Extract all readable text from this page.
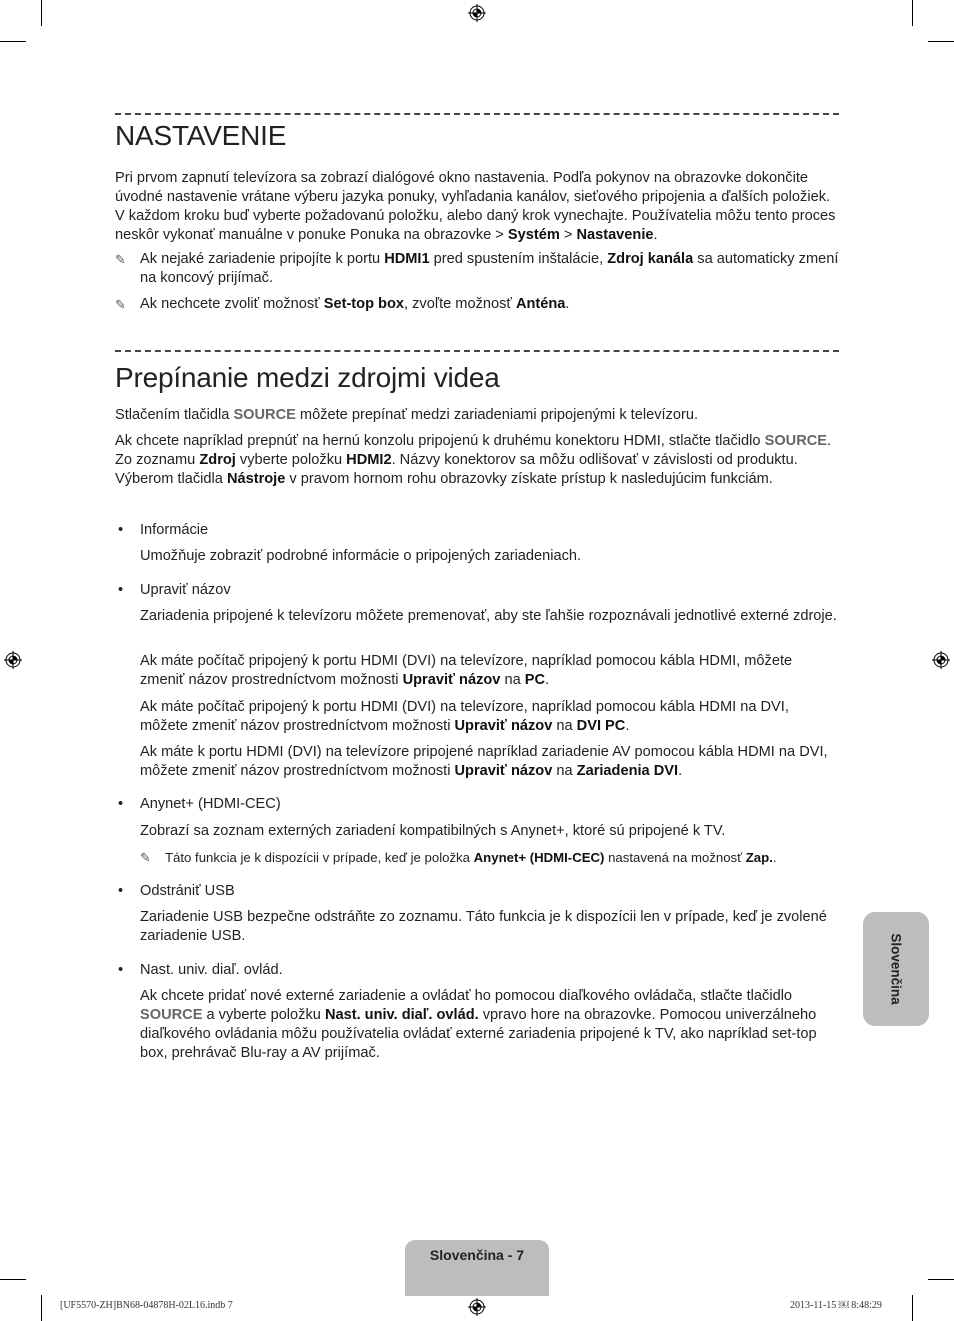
NASTAVENIE

Pri prvom zapnutí televízora sa zobrazí dialógové okno nastavenia. Podľa pokynov na obrazovke dokončite úvodné nastavenie vrátane výberu jazyka ponuky, vyhľadania kanálov, sieťového pripojenia a ďalších položiek. V každom kroku buď vyberte požadovanú položku, alebo daný krok vynechajte. Používatelia môžu tento proces neskôr vykonať manuálne v ponuke Ponuka na obrazovke > Systém > Nastavenie.

✎ Ak nejaké zariadenie pripojíte k portu HDMI1 pred spustením inštalácie, Zdroj kanála sa automaticky zmení na koncový prijímač.
✎ Ak nechcete zvoliť možnosť Set-top box, zvoľte možnosť Anténa.
Prepínanie medzi zdrojmi videa

Stlačením tlačidla SOURCE môžete prepínať medzi zariadeniami pripojenými k televízoru.

Ak chcete napríklad prepnúť na hernú konzolu pripojenú k druhému konektoru HDMI, stlačte tlačidlo SOURCE. Zo zoznamu Zdroj vyberte položku HDMI2. Názvy konektorov sa môžu odlišovať v závislosti od produktu. Výberom tlačidla Nástroje v pravom hornom rohu obrazovky získate prístup k nasledujúcim funkciám.

• Informácie

Umožňuje zobraziť podrobné informácie o pripojených zariadeniach.

• Upraviť názov

Zariadenia pripojené k televízoru môžete premenovať, aby ste ľahšie rozpoznávali jednotlivé externé zdroje.

Ak máte počítač pripojený k portu HDMI (DVI) na televízore, napríklad pomocou kábla HDMI, môžete zmeniť názov prostredníctvom možnosti Upraviť názov na PC.

Ak máte počítač pripojený k portu HDMI (DVI) na televízore, napríklad pomocou kábla HDMI na DVI, môžete zmeniť názov prostredníctvom možnosti Upraviť názov na DVI PC.

Ak máte k portu HDMI (DVI) na televízore pripojené napríklad zariadenie AV pomocou kábla HDMI na DVI, môžete zmeniť názov prostredníctvom možnosti Upraviť názov na Zariadenia DVI.

• Anynet+ (HDMI-CEC)

Zobrazí sa zoznam externých zariadení kompatibilných s Anynet+, ktoré sú pripojené k TV.

✎ Táto funkcia je k dispozícii v prípade, keď je položka Anynet+ (HDMI-CEC) nastavená na možnosť Zap..
• Odstrániť USB

Zariadenie USB bezpečne odstráňte zo zoznamu. Táto funkcia je k dispozícii len v prípade, keď je zvolené zariadenie USB.

• Nast. univ. diaľ. ovlád.

Ak chcete pridať nové externé zariadenie a ovládať ho pomocou diaľkového ovládača, stlačte tlačidlo SOURCE a vyberte položku Nast. univ. diaľ. ovlád. vpravo hore na obrazovke. Pomocou univerzálneho diaľkového ovládania môžu používatelia ovládať externé zariadenia pripojené k TV, ako napríklad set-top box, prehrávač Blu-ray a AV prijímač.

Slovenčina
Slovenčina - 7
[UF5570-ZH]BN68-04878H-02L16.indb 7	2013-11-15 ￼ 8:48:29
